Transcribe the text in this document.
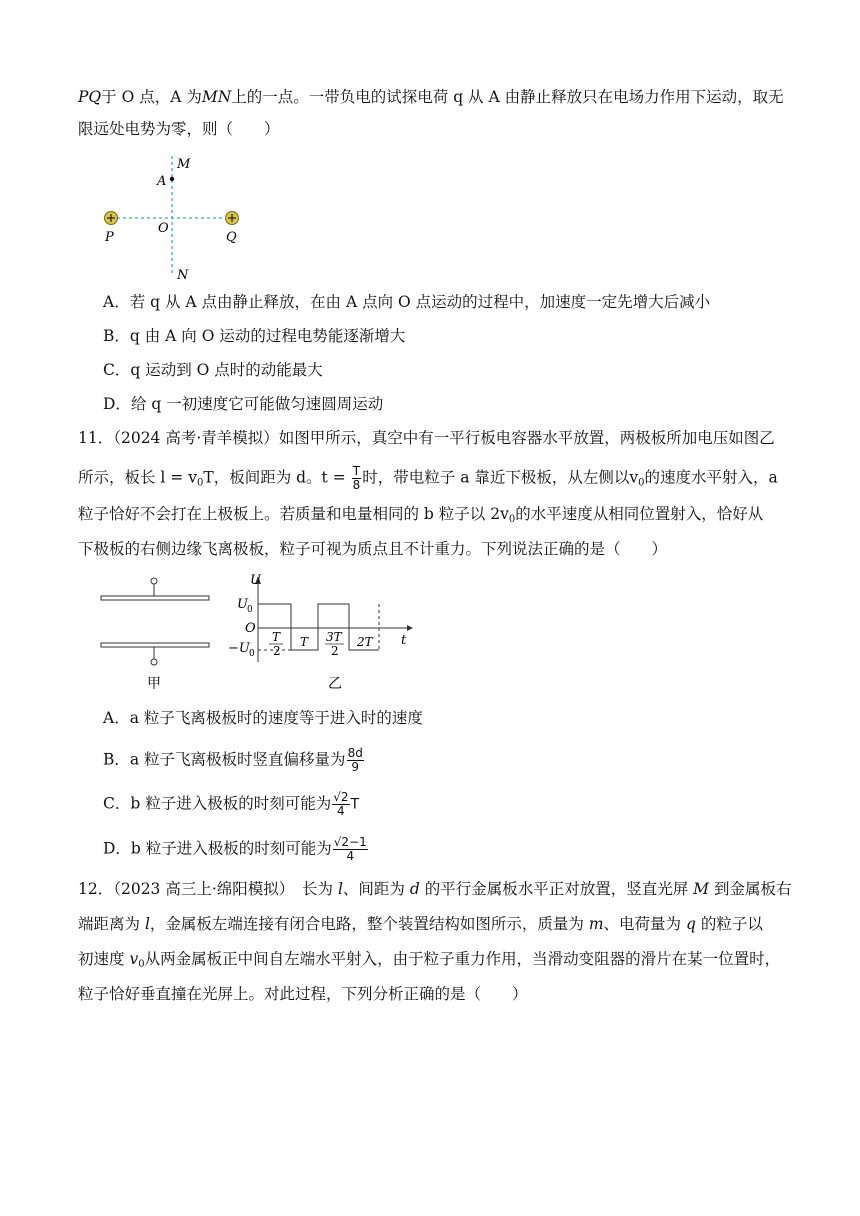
PQ于 O 点，A 为MN上的一点。一带负电的试探电荷 q 从 A 由静止释放只在电场力作用下运动，取无
限远处电势为零，则（　　）
M
A
P
O
Q
N
A．若 q 从 A 点由静止释放，在由 A 点向 O 点运动的过程中，加速度一定先增大后减小
B．q 由 A 向 O 运动的过程电势能逐渐增大
C．q 运动到 O 点时的动能最大
D．给 q 一初速度它可能做匀速圆周运动
11．（2024 高考·青羊模拟）如图甲所示，真空中有一平行板电容器水平放置，两极板所加电压如图乙
所示，板长 $l = v_0T$，板间距为 d。$t = \frac{T}{8}$ 时，带电粒子 a 靠近下极板，从左侧以$v_0$的速度水平射入，a
粒子恰好不会打在上极板上。若质量和电量相同的 b 粒子以 $2v_0$的水平速度从相同位置射入，恰好从
下极板的右侧边缘飞离极板，粒子可视为质点且不计重力。下列说法正确的是（　　）
甲
U
U 0
O
−U 0
t
T
2
T 3T
2
2T
乙
A．a 粒子飞离极板时的速度等于进入时的速度
B．a 粒子飞离极板时竖直偏移量为 $\frac{8d}{9}$
C．b 粒子进入极板的时刻可能为 $\frac{√2}{4}$ T
D．b 粒子进入极板的时刻可能为 $\frac{√2-1}{4}$
12．（2023 高三上·绵阳模拟）　长为 l、间距为 d 的平行金属板水平正对放置，竖直光屏 M 到金属板右
端距离为 l，金属板左端连接有闭合电路，整个装置结构如图所示，质量为 m、电荷量为 q 的粒子以
初速度 $v_0$从两金属板正中间自左端水平射入，由于粒子重力作用，当滑动变阻器的滑片在某一位置时，
粒子恰好垂直撞在光屏上。对此过程，下列分析正确的是（　　）
